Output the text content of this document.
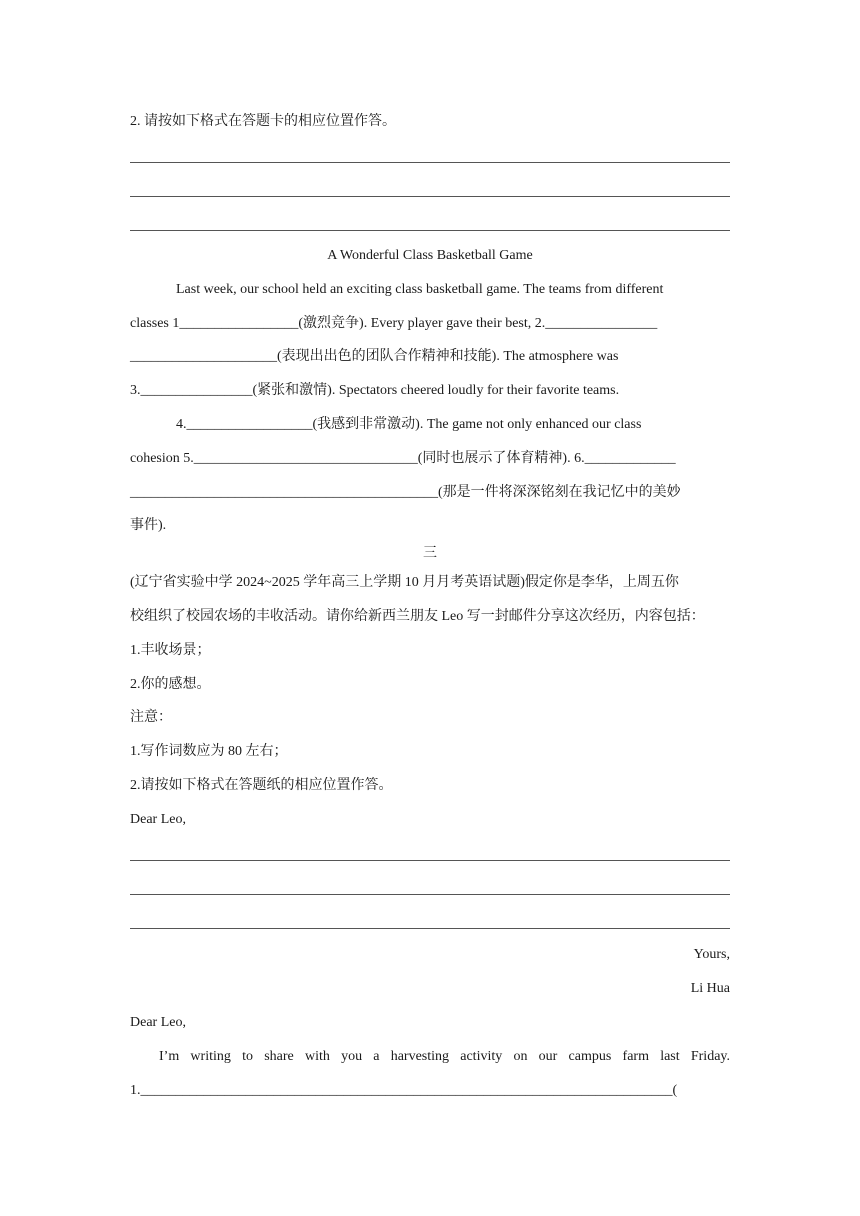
2. 请按如下格式在答题卡的相应位置作答。
A Wonderful Class Basketball Game
Last week, our school held an exciting class basketball game. The teams from different
classes 1_________________(激烈竞争). Every player gave their best, 2.________________
_____________________(表现出出色的团队合作精神和技能). The atmosphere was
3.________________(紧张和激情). Spectators cheered loudly for their favorite teams.
4.__________________(我感到非常激动). The game not only enhanced our class
cohesion 5.________________________________(同时也展示了体育精神). 6._____________
____________________________________________(那是一件将深深铭刻在我记忆中的美妙
事件).
三
(辽宁省实验中学 2024~2025 学年高三上学期 10 月月考英语试题)假定你是李华，上周五你
校组织了校园农场的丰收活动。请你给新西兰朋友 Leo 写一封邮件分享这次经历，内容包括：
1.丰收场景；
2.你的感想。
注意：
1.写作词数应为 80 左右；
2.请按如下格式在答题纸的相应位置作答。
Dear Leo,
Yours,
Li Hua
Dear Leo,
I’m writing to share with you a harvesting activity on our campus farm last Friday.
1.____________________________________________________________________________(
